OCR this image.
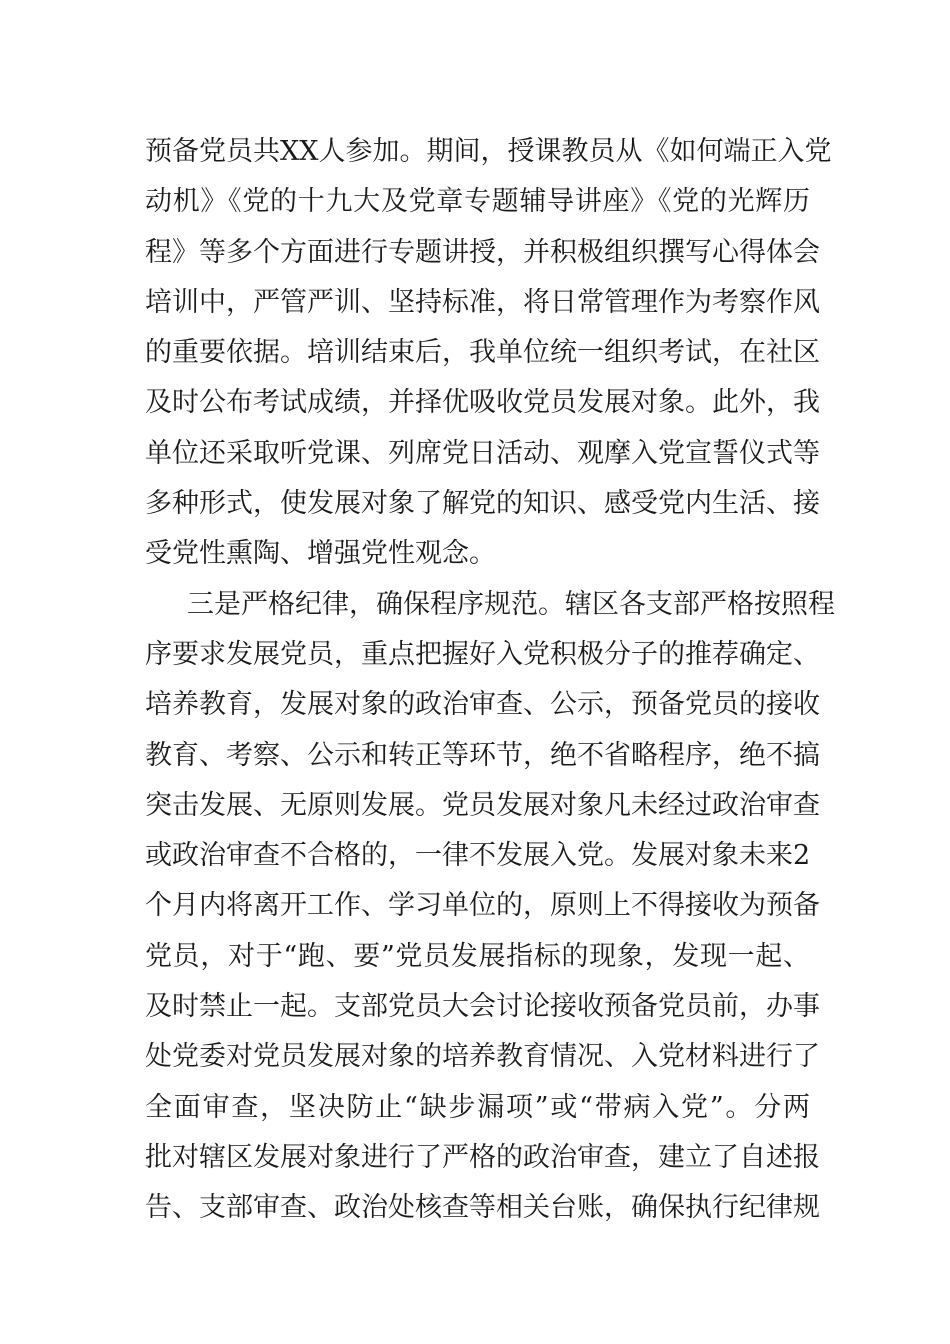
预备党员共XX人参加。期间，授课教员从《如何端正入党
动机》《党的十九大及党章专题辅导讲座》《党的光辉历
程》等多个方面进行专题讲授，并积极组织撰写心得体会
培训中，严管严训、坚持标准，将日常管理作为考察作风
的重要依据。培训结束后，我单位统一组织考试，在社区
及时公布考试成绩，并择优吸收党员发展对象。此外，我
单位还采取听党课、列席党日活动、观摩入党宣誓仪式等
多种形式，使发展对象了解党的知识、感受党内生活、接
受党性熏陶、增强党性观念。
三是严格纪律，确保程序规范。辖区各支部严格按照程
序要求发展党员，重点把握好入党积极分子的推荐确定、
培养教育，发展对象的政治审查、公示，预备党员的接收
教育、考察、公示和转正等环节，绝不省略程序，绝不搞
突击发展、无原则发展。党员发展对象凡未经过政治审查
或政治审查不合格的，一律不发展入党。发展对象未来2
个月内将离开工作、学习单位的，原则上不得接收为预备
党员，对于“跑、要”党员发展指标的现象，发现一起、
及时禁止一起。支部党员大会讨论接收预备党员前，办事
处党委对党员发展对象的培养教育情况、入党材料进行了
全面审查，坚决防止“缺步漏项”或“带病入党”。分两
批对辖区发展对象进行了严格的政治审查，建立了自述报
告、支部审查、政治处核查等相关台账，确保执行纪律规
